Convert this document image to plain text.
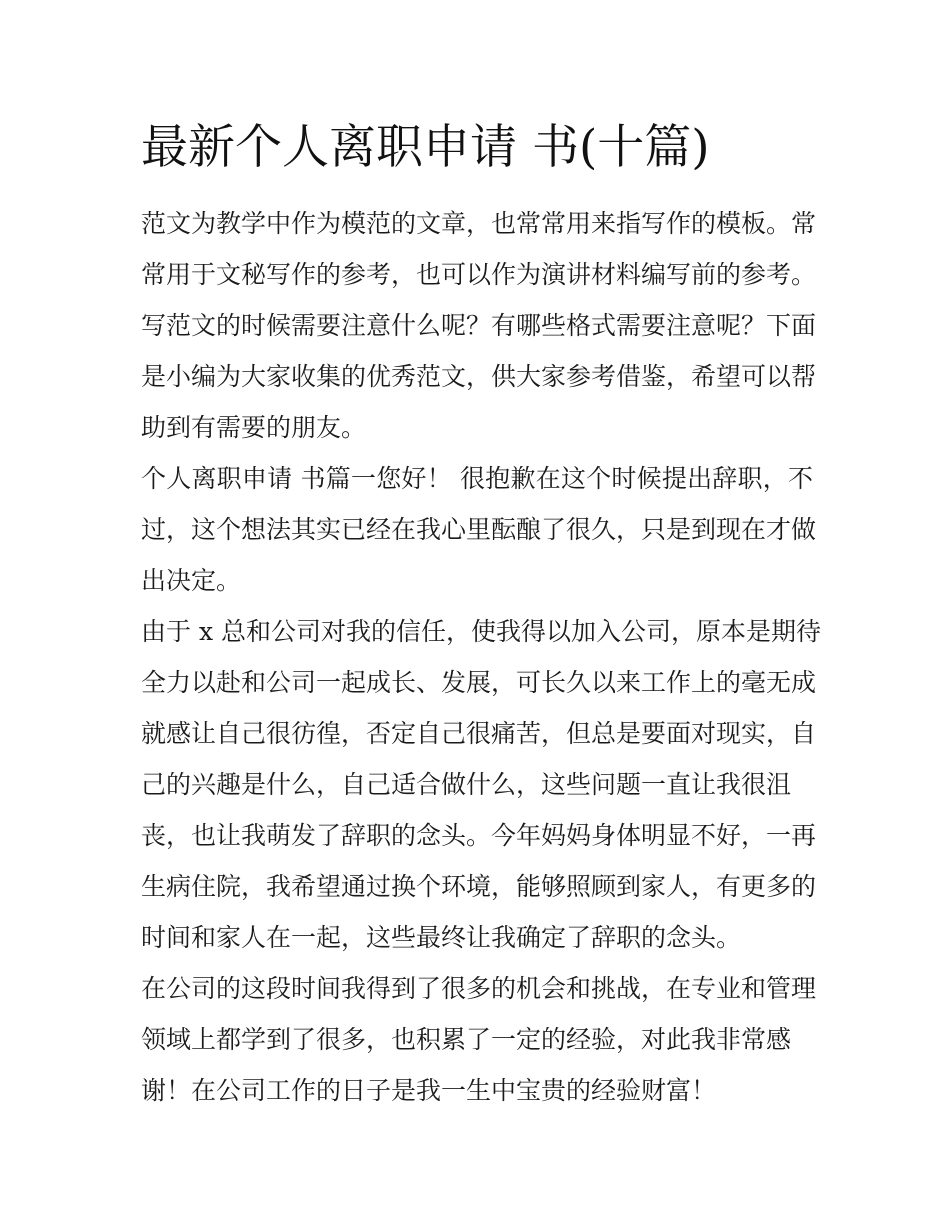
最新个人离职申请 书(十篇)
范文为教学中作为模范的文章，也常常用来指写作的模板。常
常用于文秘写作的参考，也可以作为演讲材料编写前的参考。
写范文的时候需要注意什么呢？有哪些格式需要注意呢？下面
是小编为大家收集的优秀范文，供大家参考借鉴，希望可以帮
助到有需要的朋友。
个人离职申请 书篇一您好！ 很抱歉在这个时候提出辞职，不
过，这个想法其实已经在我心里酝酿了很久，只是到现在才做
出决定。
由于 x 总和公司对我的信任，使我得以加入公司，原本是期待
全力以赴和公司一起成长、发展，可长久以来工作上的毫无成
就感让自己很彷徨，否定自己很痛苦，但总是要面对现实，自
己的兴趣是什么，自己适合做什么，这些问题一直让我很沮
丧，也让我萌发了辞职的念头。今年妈妈身体明显不好，一再
生病住院，我希望通过换个环境，能够照顾到家人，有更多的
时间和家人在一起，这些最终让我确定了辞职的念头。
在公司的这段时间我得到了很多的机会和挑战，在专业和管理
领域上都学到了很多，也积累了一定的经验，对此我非常感
谢！在公司工作的日子是我一生中宝贵的经验财富！
